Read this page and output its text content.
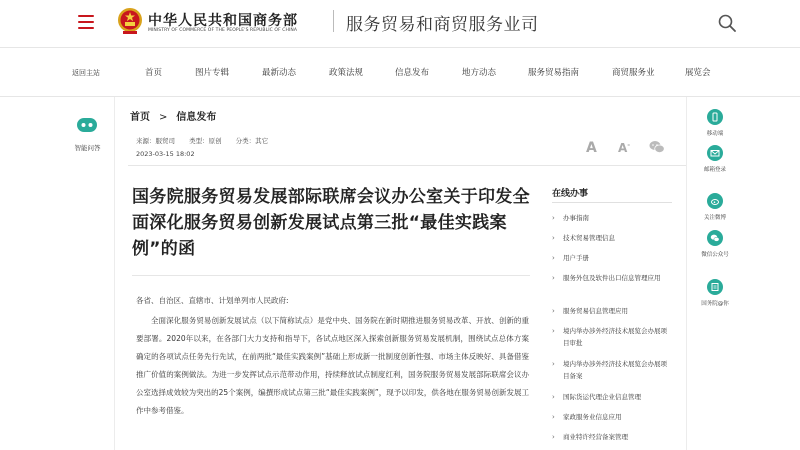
中华人民共和国商务部
MINISTRY OF COMMERCE OF THE PEOPLE'S REPUBLIC OF CHINA	服务贸易和商贸服务业司
返回主站	首页	图片专辑	最新动态	政策法规	信息发布	地方动态	服务贸易指南	商贸服务业	展览会
智能问答
移动端
邮箱登录
关注微博
微信公众号
国务院@你
首页 > 信息发布
来源：服贸司 类型：原创 分类：其它
2023-03-15 18:02	A A-
国务院服务贸易发展部际联席会议办公室关于印发全面深化服务贸易创新发展试点第三批“最佳实践案例”的函
各省、自治区、直辖市、计划单列市人民政府:
全面深化服务贸易创新发展试点（以下简称试点）是党中央、国务院在新时期推进服务贸易改革、开放、创新的重要部署。2020年以来，在各部门大力支持和指导下，各试点地区深入探索创新服务贸易发展机制，围绕试点总体方案确定的各项试点任务先行先试，在前两批“最佳实践案例”基础上形成新一批制度创新性强、市场主体反映好、具备借鉴推广价值的案例做法。为进一步发挥试点示范带动作用，持续释放试点制度红利，国务院服务贸易发展部际联席会议办公室选择成效较为突出的25个案例，编撰形成试点第三批“最佳实践案例”，现予以印发，供各地在服务贸易创新发展工作中参考借鉴。
在线办事
›	办事指南
›	技术贸易管理信息
›	用户手册
›	服务外包及软件出口信息管理应用
›	服务贸易信息管理应用
›	境内举办涉外经济技术展览会办展项目审批
›	境内举办涉外经济技术展览会办展项目备案
›	国际货运代理企业信息管理
›	家政服务业信息应用
›	商业特许经营备案管理
